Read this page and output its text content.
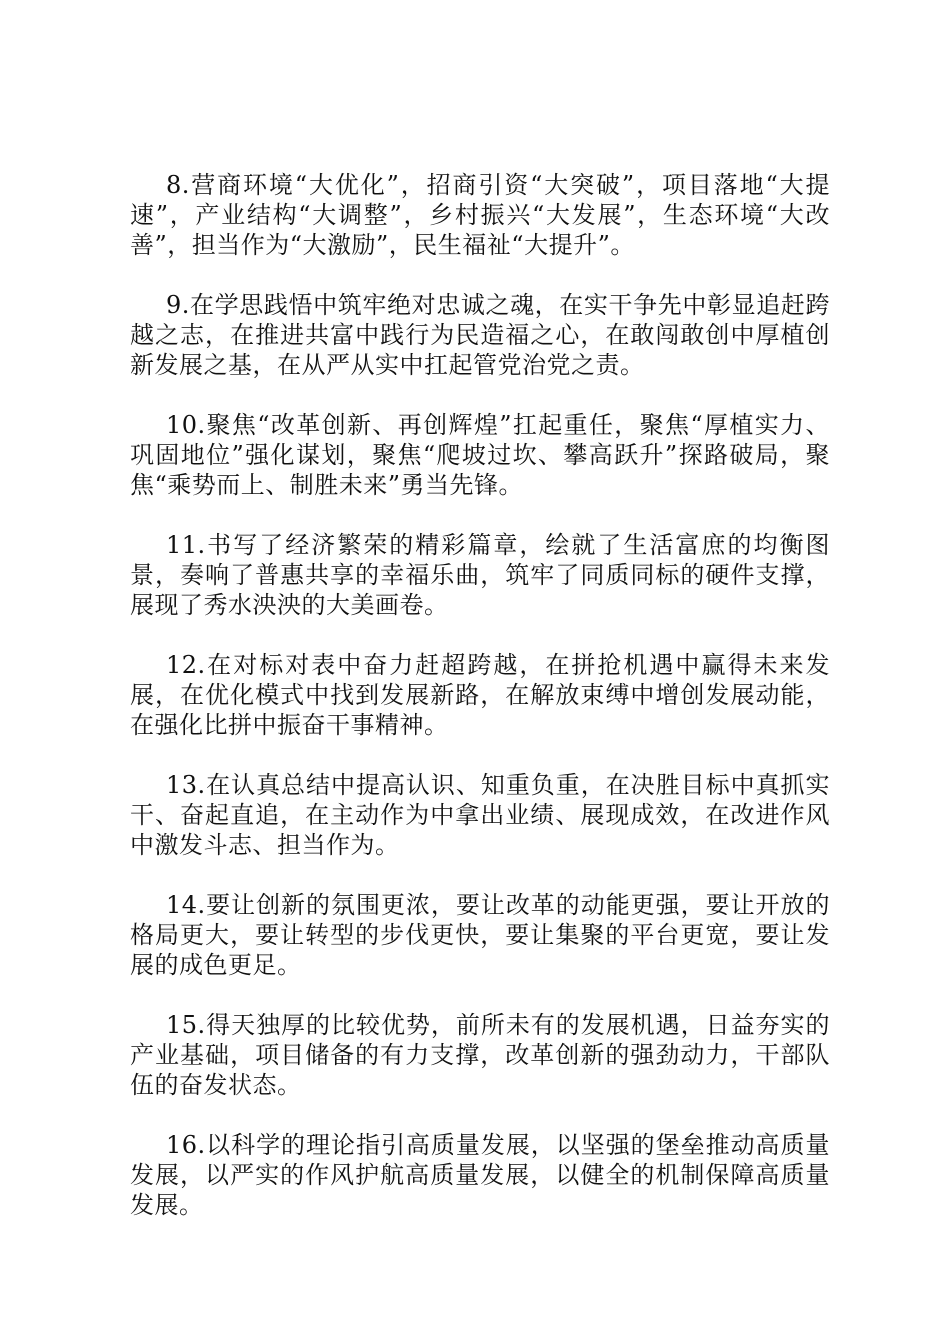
8.营商环境“大优化”，招商引资“大突破”，项目落地“大提速”，产业结构“大调整”，乡村振兴“大发展”，生态环境“大改善”，担当作为“大激励”，民生福祉“大提升”。

9.在学思践悟中筑牢绝对忠诚之魂，在实干争先中彰显追赶跨越之志，在推进共富中践行为民造福之心，在敢闯敢创中厚植创新发展之基，在从严从实中扛起管党治党之责。

10.聚焦“改革创新、再创辉煌”扛起重任，聚焦“厚植实力、巩固地位”强化谋划，聚焦“爬坡过坎、攀高跃升”探路破局，聚焦“乘势而上、制胜未来”勇当先锋。

11.书写了经济繁荣的精彩篇章，绘就了生活富庶的均衡图景，奏响了普惠共享的幸福乐曲，筑牢了同质同标的硬件支撑，展现了秀水泱泱的大美画卷。

12.在对标对表中奋力赶超跨越，在拼抢机遇中赢得未来发展，在优化模式中找到发展新路，在解放束缚中增创发展动能，在强化比拼中振奋干事精神。

13.在认真总结中提高认识、知重负重，在决胜目标中真抓实干、奋起直追，在主动作为中拿出业绩、展现成效，在改进作风中激发斗志、担当作为。

14.要让创新的氛围更浓，要让改革的动能更强，要让开放的格局更大，要让转型的步伐更快，要让集聚的平台更宽，要让发展的成色更足。

15.得天独厚的比较优势，前所未有的发展机遇，日益夯实的产业基础，项目储备的有力支撑，改革创新的强劲动力，干部队伍的奋发状态。

16.以科学的理论指引高质量发展，以坚强的堡垒推动高质量发展，以严实的作风护航高质量发展，以健全的机制保障高质量发展。
